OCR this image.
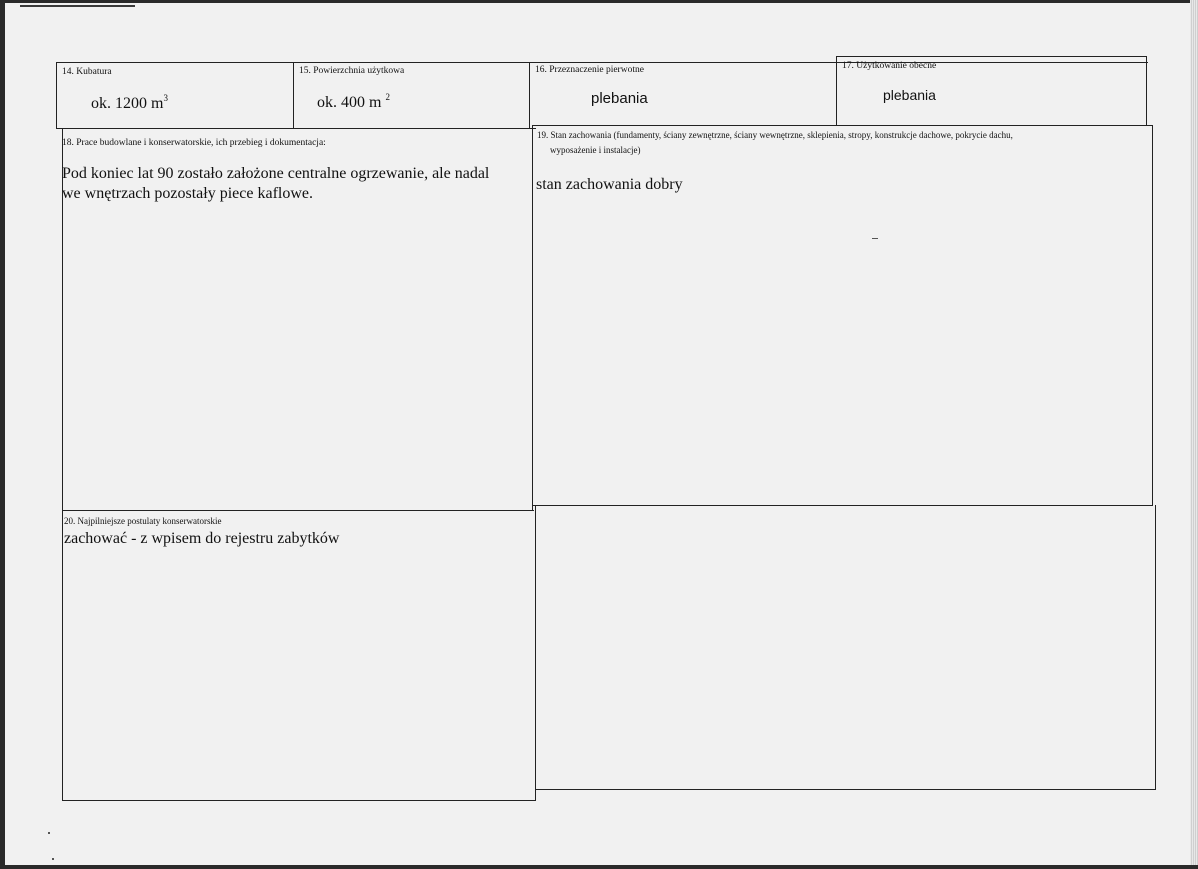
14. Kubatura
ok. 1200 $m^3$
15. Powierzchnia użytkowa
ok. 400 m $^2$
16. Przeznaczenie pierwotne
plebania
17. Użytkowanie obecne
plebania
18. Prace budowlane i konserwatorskie, ich przebieg i dokumentacja:
Pod koniec lat 90 zostało założone centralne ogrzewanie, ale nadal
we wnętrzach pozostały piece kaflowe.
19. Stan zachowania (fundamenty, ściany zewnętrzne, ściany wewnętrzne, sklepienia, stropy, konstrukcje dachowe, pokrycie dachu,
wyposażenie i instalacje)
stan zachowania dobry
20. Najpilniejsze postulaty konserwatorskie
zachować - z wpisem do rejestru zabytków
